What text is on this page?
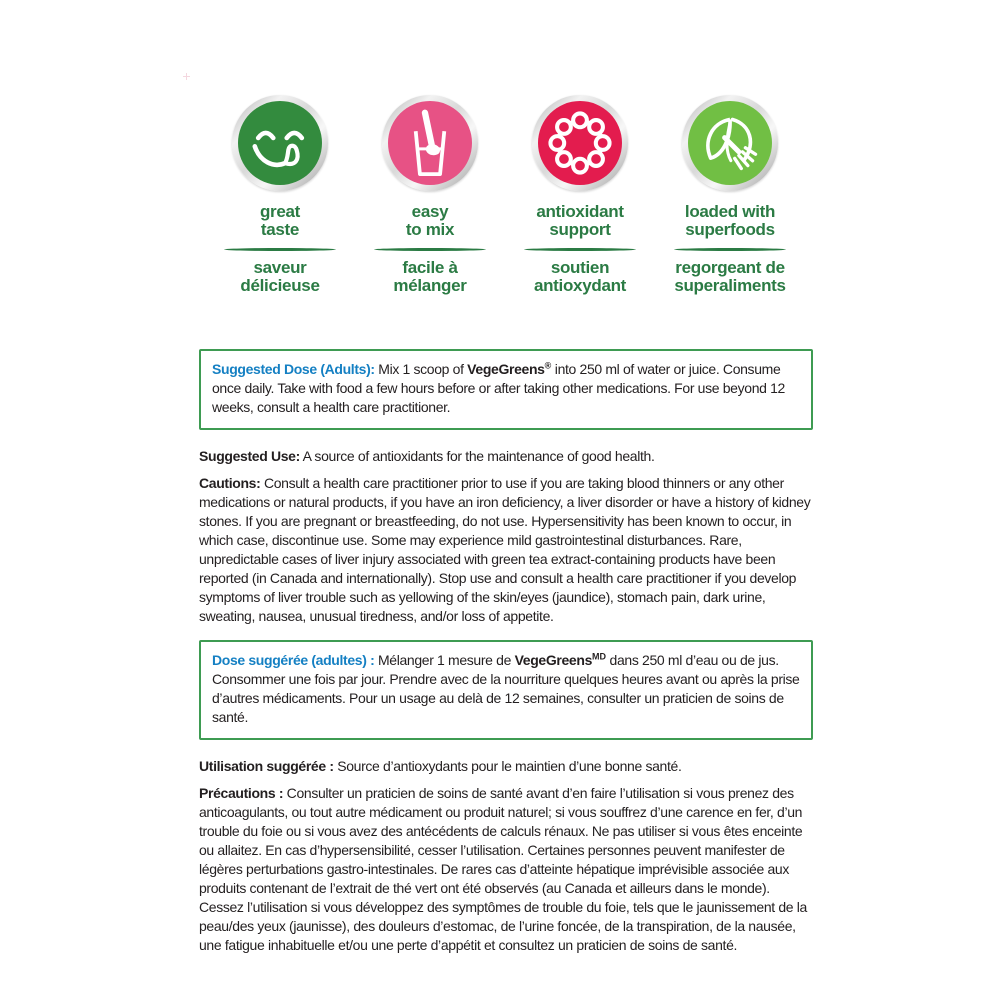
great
taste
saveur
délicieuse
easy
to mix
facile à
mélanger
antioxidant
support
soutien
antioxydant
loaded with
superfoods
regorgeant de
superaliments

Suggested Dose (Adults): Mix 1 scoop of VegeGreens® into 250 ml of water or juice. Consume once daily. Take with food a few hours before or after taking other medications. For use beyond 12 weeks, consult a health care practitioner.

Suggested Use: A source of antioxidants for the maintenance of good health.

Cautions: Consult a health care practitioner prior to use if you are taking blood thinners or any other medications or natural products, if you have an iron deficiency, a liver disorder or have a history of kidney stones. If you are pregnant or breastfeeding, do not use. Hypersensitivity has been known to occur, in which case, discontinue use. Some may experience mild gastrointestinal disturbances. Rare, unpredictable cases of liver injury associated with green tea extract-containing products have been reported (in Canada and internationally). Stop use and consult a health care practitioner if you develop symptoms of liver trouble such as yellowing of the skin/eyes (jaundice), stomach pain, dark urine, sweating, nausea, unusual tiredness, and/or loss of appetite.

Dose suggérée (adultes) : Mélanger 1 mesure de VegeGreens$^{MD}$ dans 250 ml d’eau ou de jus. Consommer une fois par jour. Prendre avec de la nourriture quelques heures avant ou après la prise d’autres médicaments. Pour un usage au delà de 12 semaines, consulter un praticien de soins de santé.

Utilisation suggérée : Source d’antioxydants pour le maintien d’une bonne santé.

Précautions : Consulter un praticien de soins de santé avant d’en faire l’utilisation si vous prenez des anticoagulants, ou tout autre médicament ou produit naturel; si vous souffrez d’une carence en fer, d’un trouble du foie ou si vous avez des antécédents de calculs rénaux. Ne pas utiliser si vous êtes enceinte ou allaitez. En cas d’hypersensibilité, cesser l’utilisation. Certaines personnes peuvent manifester de légères perturbations gastro-intestinales. De rares cas d’atteinte hépatique imprévisible associée aux produits contenant de l’extrait de thé vert ont été observés (au Canada et ailleurs dans le monde). Cessez l’utilisation si vous développez des symptômes de trouble du foie, tels que le jaunissement de la peau/des yeux (jaunisse), des douleurs d’estomac, de l’urine foncée, de la transpiration, de la nausée, une fatigue inhabituelle et/ou une perte d’appétit et consultez un praticien de soins de santé.
